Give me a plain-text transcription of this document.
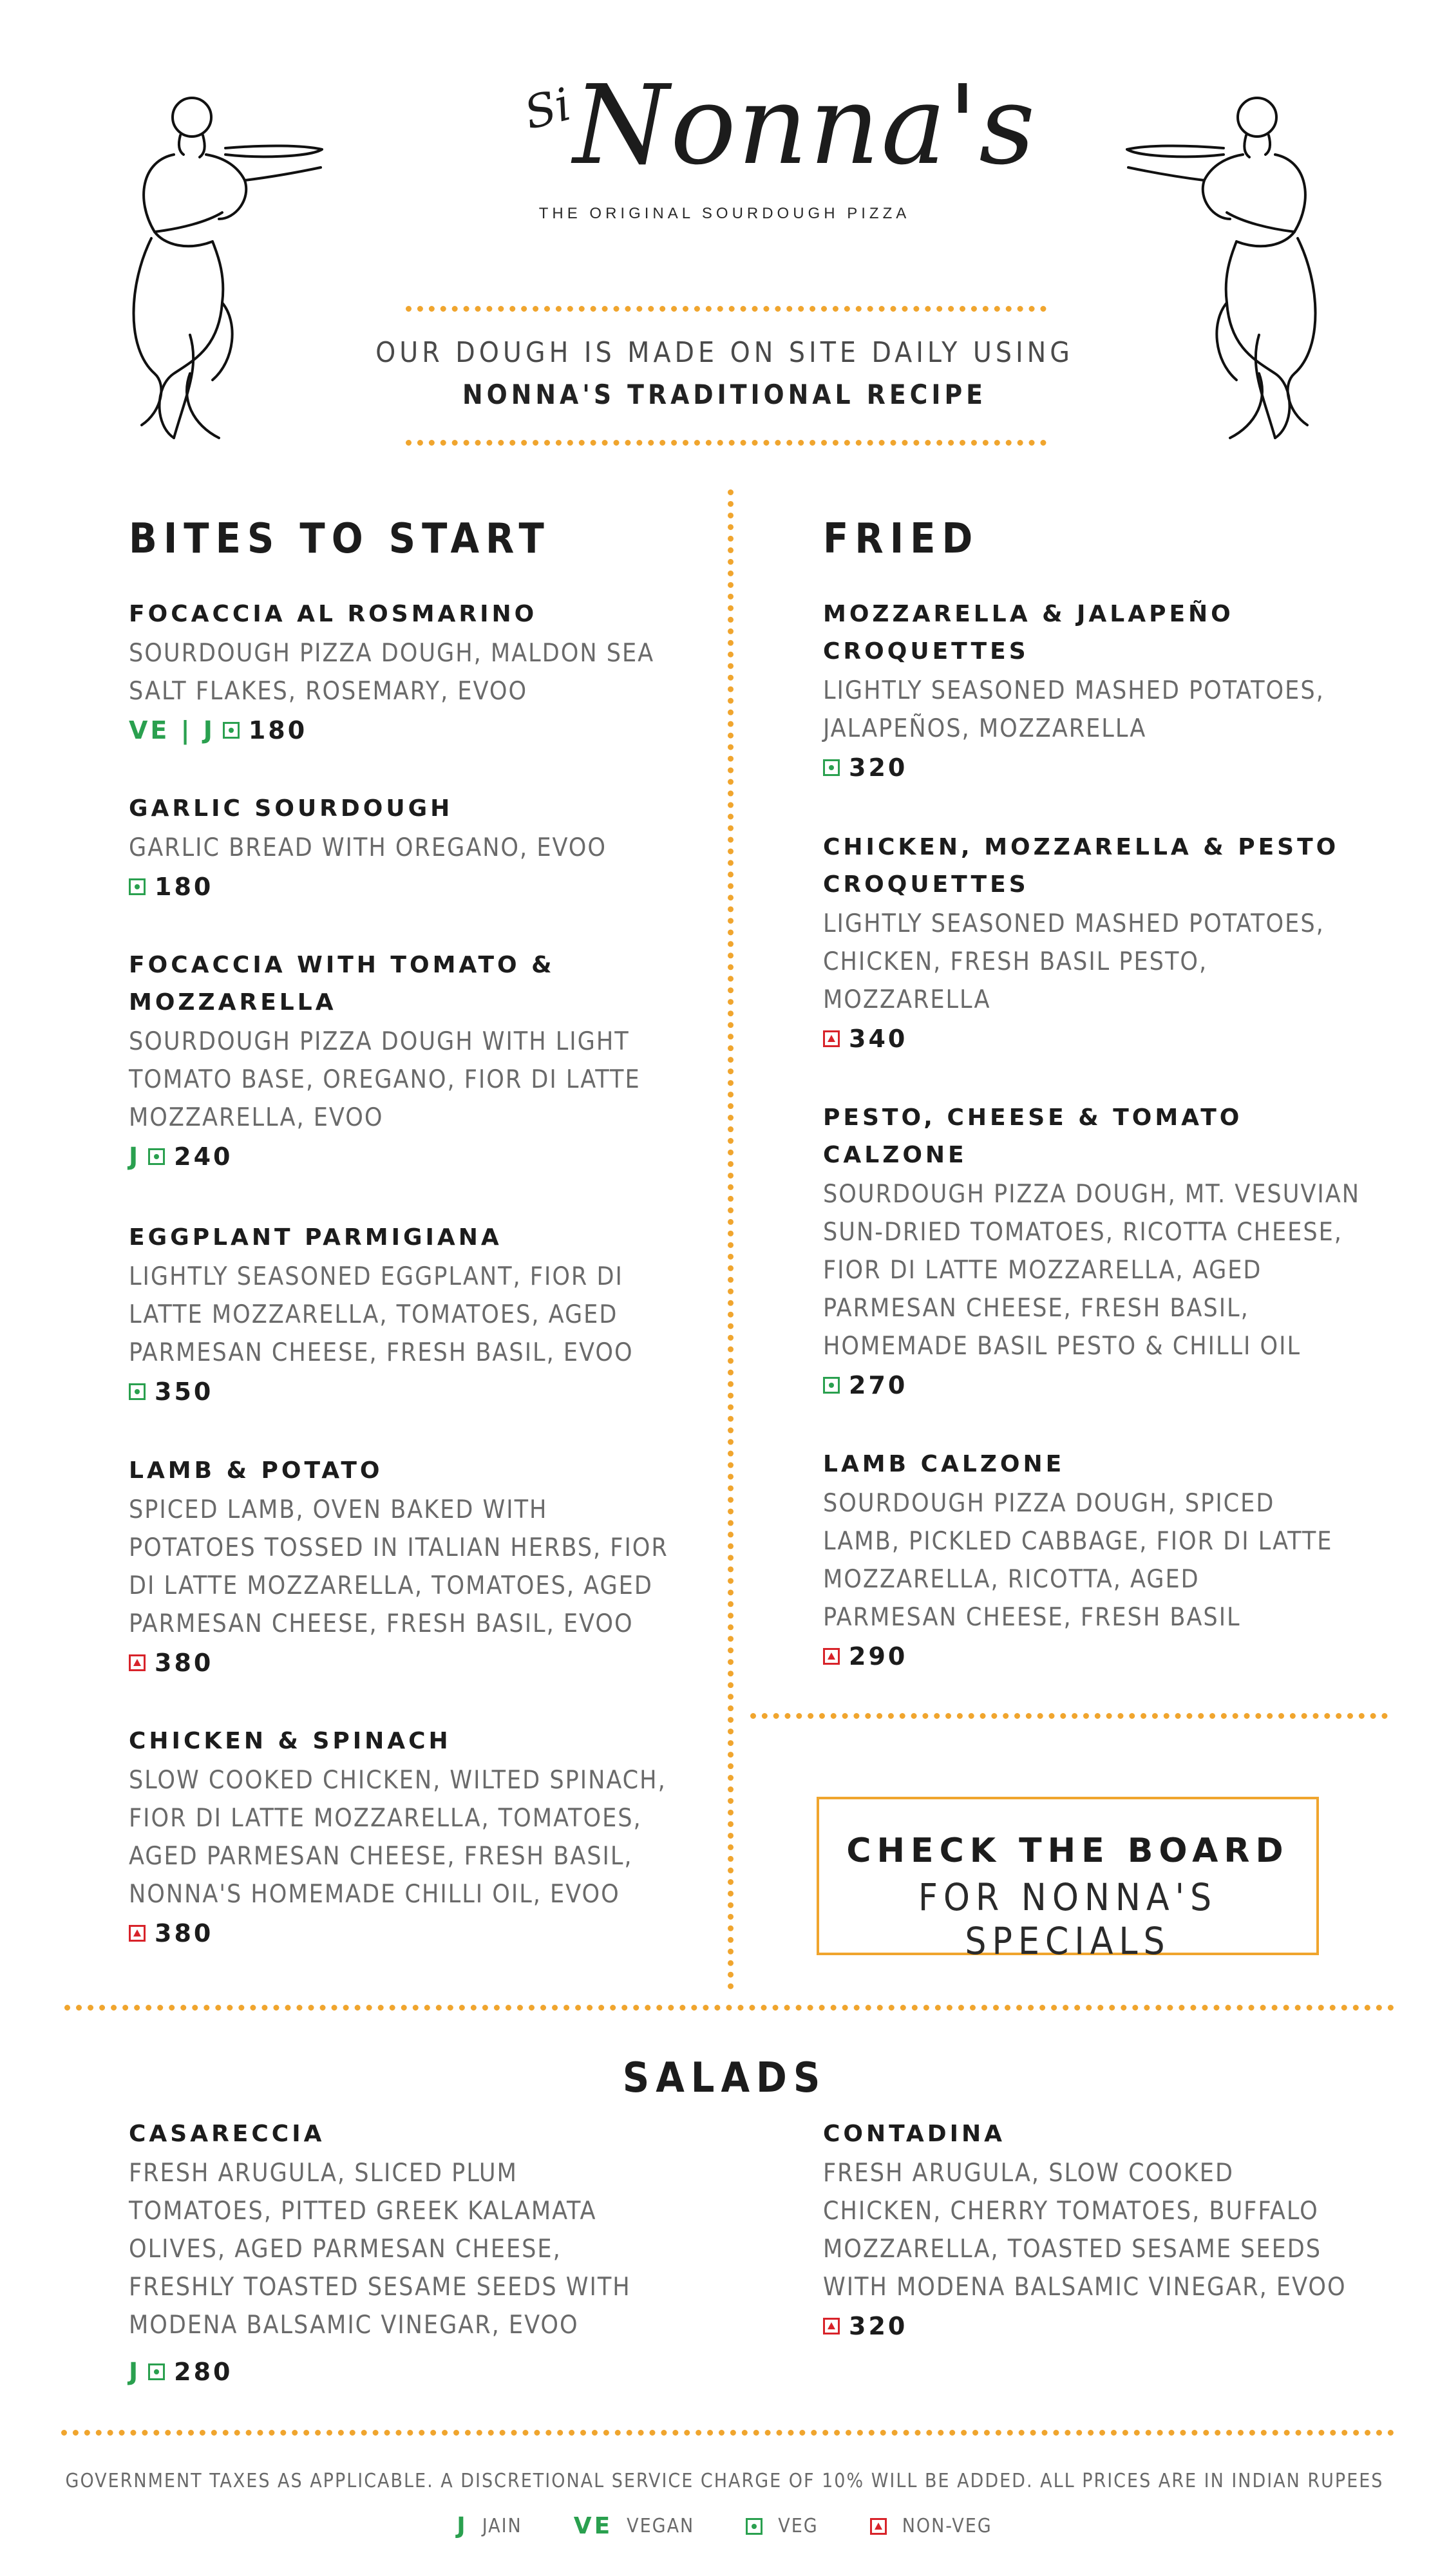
Si
Nonna's
THE ORIGINAL SOURDOUGH PIZZA
OUR DOUGH IS MADE ON SITE DAILY USING
NONNA'S TRADITIONAL RECIPE
BITES TO START	FRIED
SALADS
FOCACCIA AL ROSMARINO
SOURDOUGH PIZZA DOUGH, MALDON SEA SALT FLAKES, ROSEMARY, EVOO
VE | J 180
GARLIC SOURDOUGH
GARLIC BREAD WITH OREGANO, EVOO
180
FOCACCIA WITH TOMATO & MOZZARELLA
SOURDOUGH PIZZA DOUGH WITH LIGHT TOMATO BASE, OREGANO, FIOR DI LATTE MOZZARELLA, EVOO
J 240
EGGPLANT PARMIGIANA
LIGHTLY SEASONED EGGPLANT, FIOR DI LATTE MOZZARELLA, TOMATOES, AGED PARMESAN CHEESE, FRESH BASIL, EVOO
350
LAMB & POTATO
SPICED LAMB, OVEN BAKED WITH POTATOES TOSSED IN ITALIAN HERBS, FIOR DI LATTE MOZZARELLA, TOMATOES, AGED PARMESAN CHEESE, FRESH BASIL, EVOO
380
CHICKEN & SPINACH
SLOW COOKED CHICKEN, WILTED SPINACH, FIOR DI LATTE MOZZARELLA, TOMATOES, AGED PARMESAN CHEESE, FRESH BASIL, NONNA'S HOMEMADE CHILLI OIL, EVOO
380
MOZZARELLA & JALAPEÑO CROQUETTES
LIGHTLY SEASONED MASHED POTATOES, JALAPEÑOS, MOZZARELLA
320
CHICKEN, MOZZARELLA & PESTO CROQUETTES
LIGHTLY SEASONED MASHED POTATOES, CHICKEN, FRESH BASIL PESTO, MOZZARELLA
340
PESTO, CHEESE & TOMATO CALZONE
SOURDOUGH PIZZA DOUGH, MT. VESUVIAN SUN-DRIED TOMATOES, RICOTTA CHEESE, FIOR DI LATTE MOZZARELLA, AGED PARMESAN CHEESE, FRESH BASIL, HOMEMADE BASIL PESTO & CHILLI OIL
270
LAMB CALZONE
SOURDOUGH PIZZA DOUGH, SPICED LAMB, PICKLED CABBAGE, FIOR DI LATTE MOZZARELLA, RICOTTA, AGED PARMESAN CHEESE, FRESH BASIL
290
CHECK THE BOARD
FOR NONNA'S SPECIALS
CASARECCIA
FRESH ARUGULA, SLICED PLUM TOMATOES, PITTED GREEK KALAMATA OLIVES, AGED PARMESAN CHEESE, FRESHLY TOASTED SESAME SEEDS WITH MODENA BALSAMIC VINEGAR, EVOO
J 280
CONTADINA
FRESH ARUGULA, SLOW COOKED CHICKEN, CHERRY TOMATOES, BUFFALO MOZZARELLA, TOASTED SESAME SEEDS WITH MODENA BALSAMIC VINEGAR, EVOO
320
GOVERNMENT TAXES AS APPLICABLE. A DISCRETIONAL SERVICE CHARGE OF 10% WILL BE ADDED. ALL PRICES ARE IN INDIAN RUPEES
J JAIN VE VEGAN	VEG	NON-VEG
